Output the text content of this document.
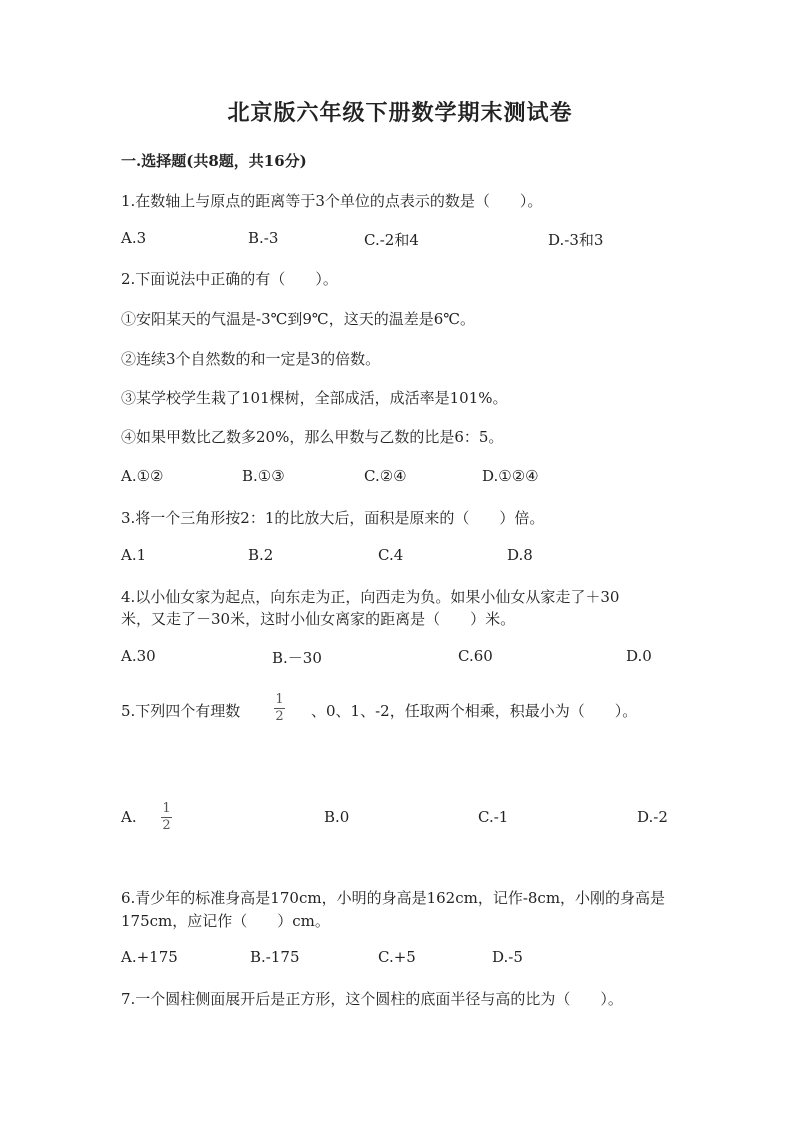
北京版六年级下册数学期末测试卷
一.选择题(共8题，共16分)
1.在数轴上与原点的距离等于3个单位的点表示的数是（　　）。
A.3	B.-3	C.-2和4	D.-3和3
2.下面说法中正确的有（　　）。
①安阳某天的气温是-3℃到9℃，这天的温差是6℃。
②连续3个自然数的和一定是3的倍数。
③某学校学生栽了101棵树，全部成活，成活率是101%。
④如果甲数比乙数多20%，那么甲数与乙数的比是6：5。
A.①②	B.①③	C.②④	D.①②④
3.将一个三角形按2：1的比放大后，面积是原来的（　　）倍。
A.1	B.2	C.4	D.8
4.以小仙女家为起点，向东走为正，向西走为负。如果小仙女从家走了＋30
米，又走了－30米，这时小仙女离家的距离是（　　）米。
A.30	B.－30	C.60	D.0
5.下列四个有理数
1
2 、0、1、-2，任取两个相乘，积最小为（　　）。
A. 1
2	B.0	C.-1	D.-2
6.青少年的标准身高是170cm，小明的身高是162cm，记作-8cm，小刚的身高是
175cm，应记作（　　）cm。
A.+175	B.-175	C.+5	D.-5
7.一个圆柱侧面展开后是正方形，这个圆柱的底面半径与高的比为（　　）。
